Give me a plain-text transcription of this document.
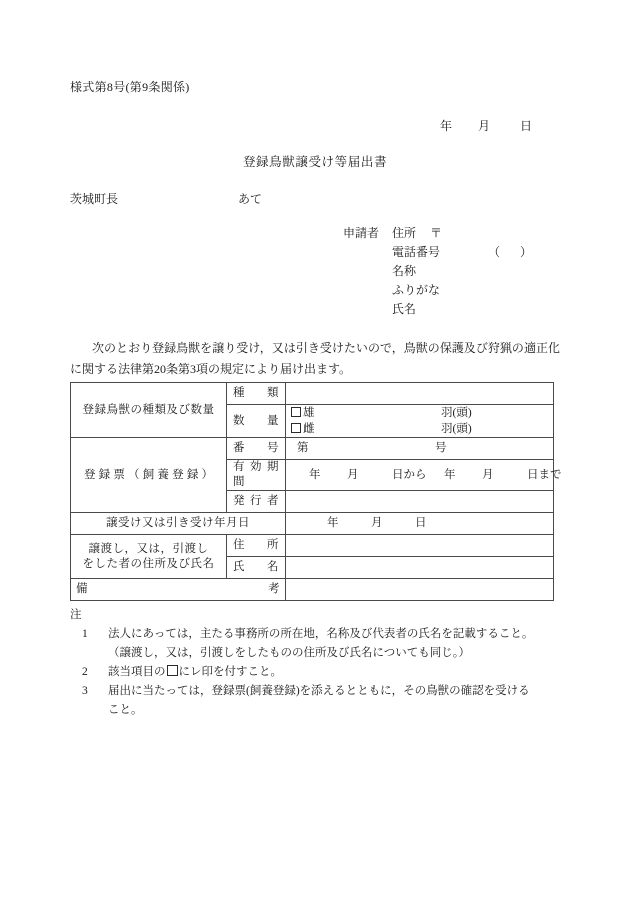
様式第8号(第9条関係)
年 月	日
登録鳥獣譲受け等届出書
茨城町長	あて
申請者 住所 〒
電話番号	（　）
名称
ふりがな
氏名
次のとおり登録鳥獣を譲り受け，又は引き受けたいので，鳥獣の保護及び狩猟の適正化に関する法律第20条第3項の規定により届け出ます。
登録鳥獣の種類及び数量	種類	
	数量	雄 羽(頭)
雌 羽(頭)

登録票（飼養登録）	番号	第 号
	有効期間	年 月 日から 年 月 日まで
	発行者	
譲受け又は引き受け年月日		年 月 日

譲渡し，又は，引渡し
をした者の住所及び氏名	住所	
	氏名	
備考		
注
1	法人にあっては，主たる事務所の所在地，名称及び代表者の氏名を記載すること。
（譲渡し，又は，引渡しをしたものの住所及び氏名についても同じ。）
2	該当項目の にレ印を付すこと。
3	届出に当たっては，登録票(飼養登録)を添えるとともに，その鳥獣の確認を受ける
こと。
